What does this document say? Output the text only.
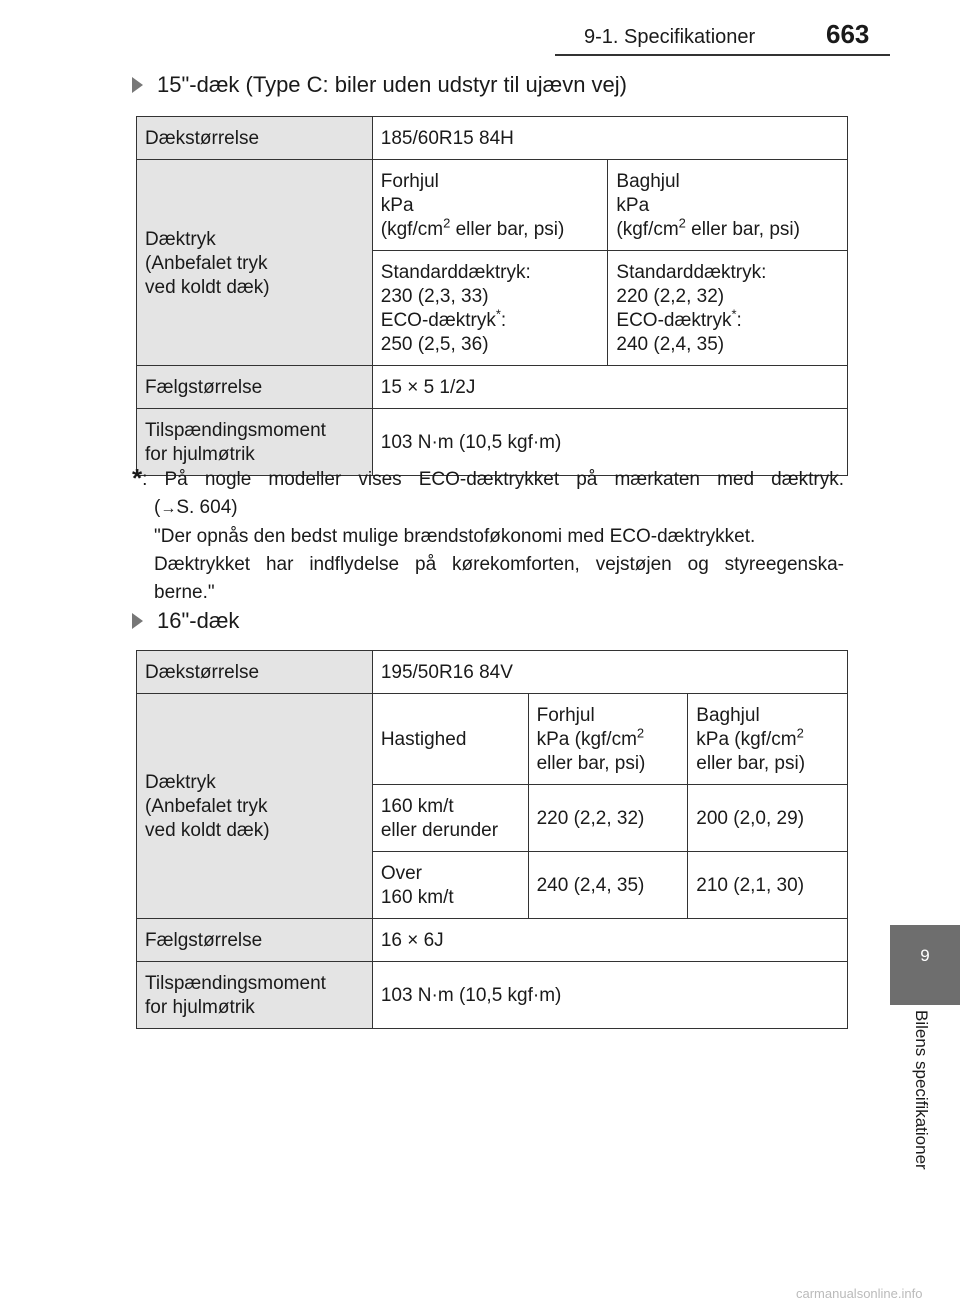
9-1. Specifikationer	663
9
Bilens specifikationer
15"-dæk (Type C: biler uden udstyr til ujævn vej)
Dækstørrelse	185/60R15 84H	
Dæktryk
(Anbefalet tryk
ved koldt dæk)	Forhjul
kPa
($kgf/cm^2$ eller bar, psi)	Baghjul
kPa
($kgf/cm^2$ eller bar, psi)
	Standarddæktryk:
230 (2,3, 33)
ECO-dæktryk*:
250 (2,5, 36)	Standarddæktryk:
220 (2,2, 32)
ECO-dæktryk*:
240 (2,4, 35)
Fælgstørrelse	15 × 5 1/2J	
Tilspændingsmoment
for hjulmøtrik	103 N·m (10,5 kgf·m)	
*: På nogle modeller vises ECO-dæktrykket på mærkaten med dæktryk.
(→S. 604)
"Der opnås den bedst mulige brændstoføkonomi med ECO-dæktrykket.
Dæktrykket har indflydelse på kørekomforten, vejstøjen og styreegenska-
berne."
16"-dæk
Dækstørrelse	195/50R16 84V		
Dæktryk
(Anbefalet tryk
ved koldt dæk)	Hastighed	Forhjul
kPa ($kgf/cm^2$
eller bar, psi)	Baghjul
kPa ($kgf/cm^2$
eller bar, psi)
	160 km/t
eller derunder	220 (2,2, 32)	200 (2,0, 29)
	Over
160 km/t	240 (2,4, 35)	210 (2,1, 30)
Fælgstørrelse	16 × 6J		
Tilspændingsmoment
for hjulmøtrik	103 N·m (10,5 kgf·m)		
carmanualsonline.info
